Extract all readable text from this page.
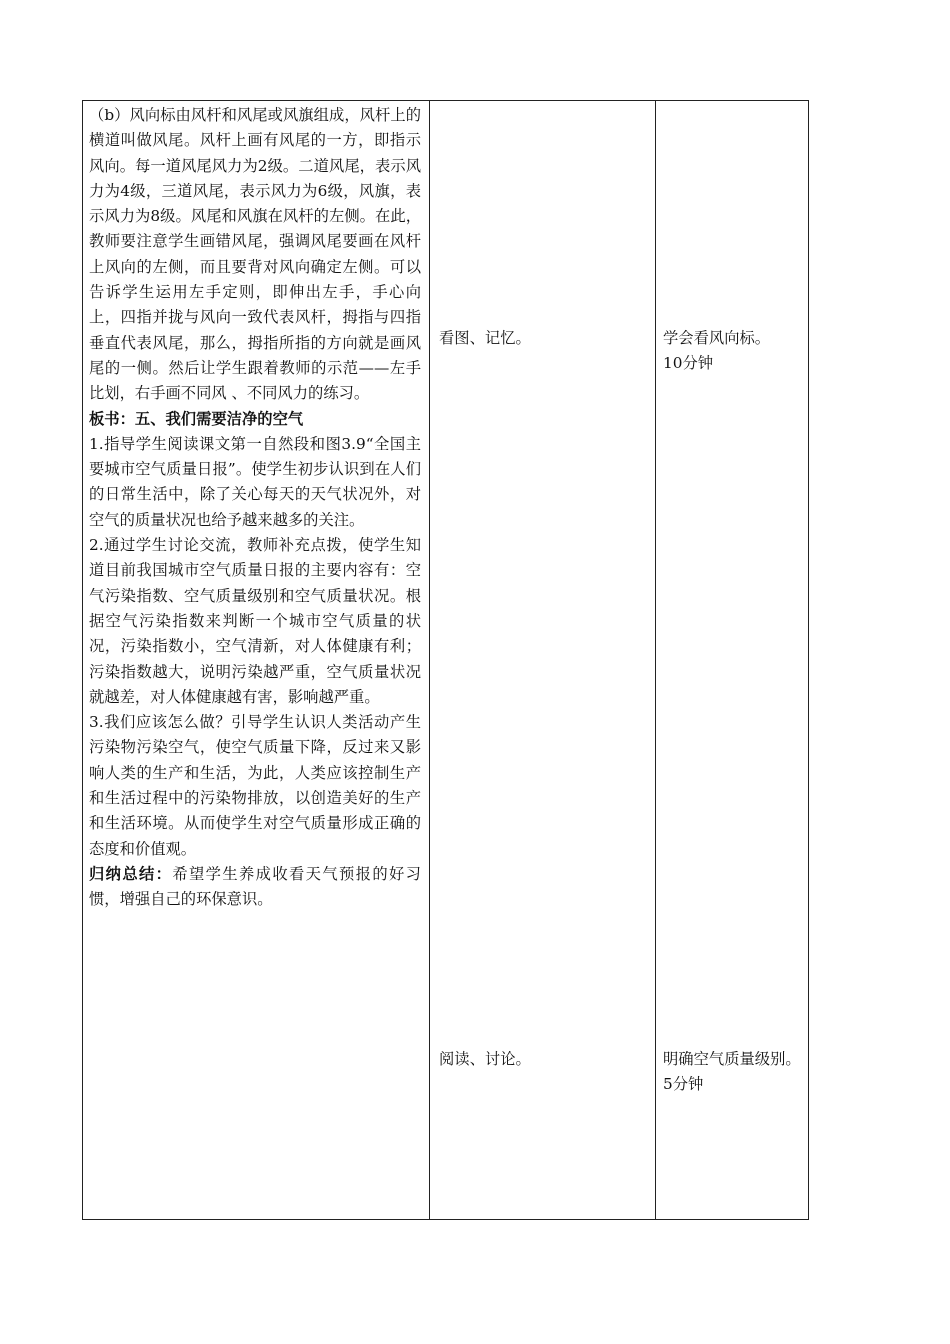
（b）风向标由风杆和风尾或风旗组成，风杆上的横道叫做风尾。风杆上画有风尾的一方，即指示风向。每一道风尾风力为2级。二道风尾，表示风力为4级，三道风尾，表示风力为6级，风旗，表示风力为8级。风尾和风旗在风杆的左侧。在此，教师要注意学生画错风尾，强调风尾要画在风杆上风向的左侧，而且要背对风向确定左侧。可以告诉学生运用左手定则，即伸出左手，手心向上，四指并拢与风向一致代表风杆，拇指与四指垂直代表风尾，那么，拇指所指的方向就是画风尾的一侧。然后让学生跟着教师的示范——左手比划，右手画不同风 、不同风力的练习。

板书：五、我们需要洁净的空气

1.指导学生阅读课文第一自然段和图3.9“全国主要城市空气质量日报”。使学生初步认识到在人们的日常生活中，除了关心每天的天气状况外，对空气的质量状况也给予越来越多的关注。

2.通过学生讨论交流，教师补充点拨，使学生知道目前我国城市空气质量日报的主要内容有：空气污染指数、空气质量级别和空气质量状况。根据空气污染指数来判断一个城市空气质量的状况，污染指数小，空气清新，对人体健康有利；污染指数越大，说明污染越严重，空气质量状况就越差，对人体健康越有害，影响越严重。

3.我们应该怎么做？引导学生认识人类活动产生污染物污染空气，使空气质量下降，反过来又影响人类的生产和生活，为此，人类应该控制生产和生活过程中的污染物排放，以创造美好的生产和生活环境。从而使学生对空气质量形成正确的态度和价值观。

归纳总结：希望学生养成收看天气预报的好习惯，增强自己的环保意识。

看图、记忆。

阅读、讨论。

学会看风向标。

10分钟

明确空气质量级别。

5分钟
